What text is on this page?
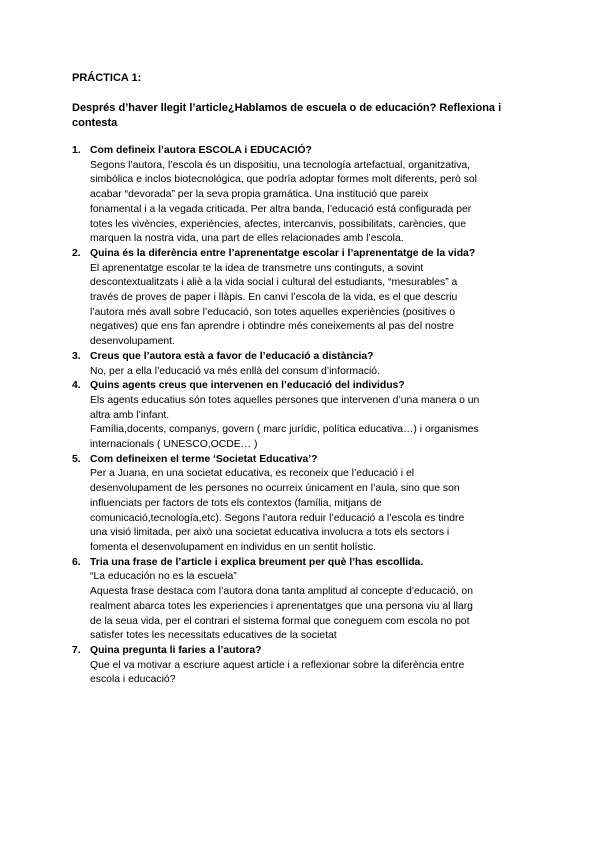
PRÁCTICA 1:
Després d’haver llegit l’article¿Hablamos de escuela o de educación? Reflexiona i
contesta
1. Com defineix l’autora ESCOLA i EDUCACIÓ?
Segons l’autora, l’escola és un dispositiu, una tecnología artefactual, organitzativa,
simbólica e inclos biotecnológica, que podría adoptar formes molt diferents, però sol
acabar “devorada” per la seva propia gramática. Una institució que pareix
fonamental i a la vegada criticada. Per altra banda, l’educació está configurada per
totes les vivències, experiències, afectes, intercanvis, possibilitats, carències, que
marquen la nostra vida, una part de elles relacionades amb l’escola.
2. Quina és la diferència entre l’aprenentatge escolar i l’aprenentatge de la vida?
El aprenentatge escolar te la idea de transmetre uns continguts, a sovint
descontextualitzats i aliè a la vida social i cultural del estudiants, “mesurables” a
través de proves de paper i llàpis. En canvi l’escola de la vida, es el que descriu
l’autora més avall sobre l’educació, son totes aquelles experiències (positives o
negatives) que ens fan aprendre i obtindre més coneixements al pas del nostre
desenvolupament.
3. Creus que l’autora està a favor de l’educació a distància?
No, per a ella l’educació va més enllà del consum d’informació.
4. Quins agents creus que intervenen en l’educació del individus?
Els agents educatius són totes aquelles persones que intervenen d’una manera o un
altra amb l’infant.
Família,docents, companys, govern ( marc jurídic, política educativa…) i organismes
internacionals ( UNESCO,OCDE… )
5. Com defineixen el terme ‘Societat Educativa’?
Per a Juana, en una societat educativa, es reconeix que l’educació i el
desenvolupament de les persones no ocurreix únicament en l’aula, sino que son
influenciats per factors de tots els contextos (família, mitjans de
comunicació,tecnología,etc). Segons l’autora reduir l’educació a l’escola es tindre
una visió limitada, per això una societat educativa involucra a tots els sectors i
fomenta el desenvolupament en individus en un sentit holístic.
6. Tria una frase de l’article i explica breument per què l’has escollida.
“La educación no es la escuela”
Aquesta frase destaca com l’autora dona tanta amplitud al concepte d’educació, on
realment abarca totes les experiencies i aprenentatges que una persona viu al llarg
de la seua vida, per el contrari el sistema formal que coneguem com escola no pot
satisfer totes les necessitats educatives de la societat
7. Quina pregunta li faries a l’autora?
Que el va motivar a escriure aquest article i a reflexionar sobre la diferència entre
escola i educació?
